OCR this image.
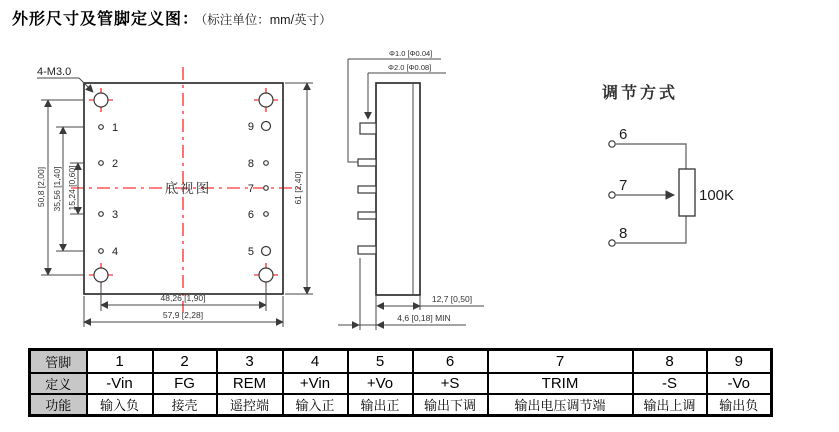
外形尺寸及管脚定义图： （标注单位：mm/英寸）
4-M3.0
1
2
3
4
9
8
7
6
5
底视图
50,8 [2,00] 35,56 [1,40] 15,24 [0,60]	61 [2,40]
48,26 [1,90]
57,9 [2,28]
Φ1.0 [Φ0.04]
Φ2.0 [Φ0.08]
12,7 [0,50]
4,6 [0,18] MIN
调节方式
6
7
8
100K
管脚	1	2	3	4	5	6	7	8	9
定义	-Vin	FG	REM	+Vin	+Vo	+S	TRIM	-S	-Vo
功能	输入负	接壳	遥控端	输入正	输出正	输出下调	输出电压调节端	输出上调	输出负
